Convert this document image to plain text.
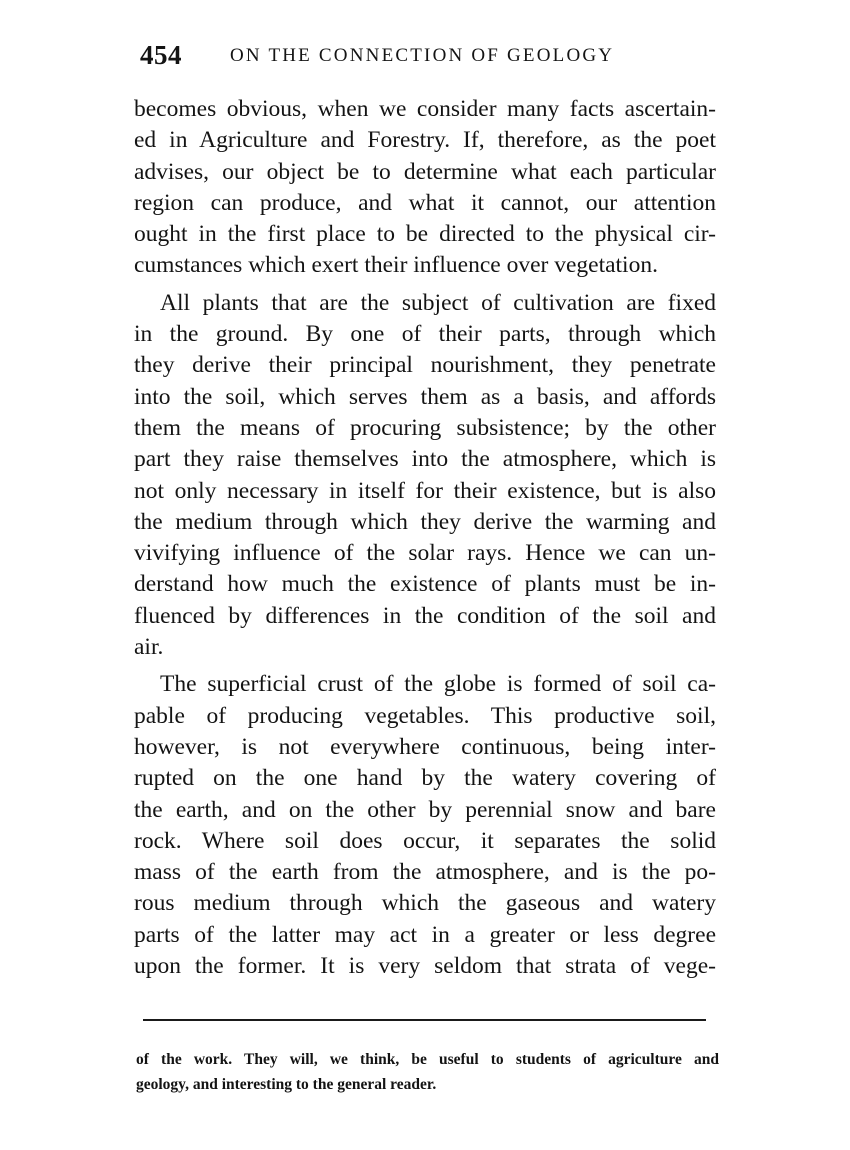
454	ON THE CONNECTION OF GEOLOGY
becomes obvious, when we consider many facts ascertain-
ed in Agriculture and Forestry. If, therefore, as the poet
advises, our object be to determine what each particular
region can produce, and what it cannot, our attention
ought in the first place to be directed to the physical cir-
cumstances which exert their influence over vegetation.
All plants that are the subject of cultivation are fixed
in the ground. By one of their parts, through which
they derive their principal nourishment, they penetrate
into the soil, which serves them as a basis, and affords
them the means of procuring subsistence; by the other
part they raise themselves into the atmosphere, which is
not only necessary in itself for their existence, but is also
the medium through which they derive the warming and
vivifying influence of the solar rays. Hence we can un-
derstand how much the existence of plants must be in-
fluenced by differences in the condition of the soil and
air.
The superficial crust of the globe is formed of soil ca-
pable of producing vegetables. This productive soil,
however, is not everywhere continuous, being inter-
rupted on the one hand by the watery covering of
the earth, and on the other by perennial snow and bare
rock. Where soil does occur, it separates the solid
mass of the earth from the atmosphere, and is the po-
rous medium through which the gaseous and watery
parts of the latter may act in a greater or less degree
upon the former. It is very seldom that strata of vege-
of the work. They will, we think, be useful to students of agriculture and
geology, and interesting to the general reader.
